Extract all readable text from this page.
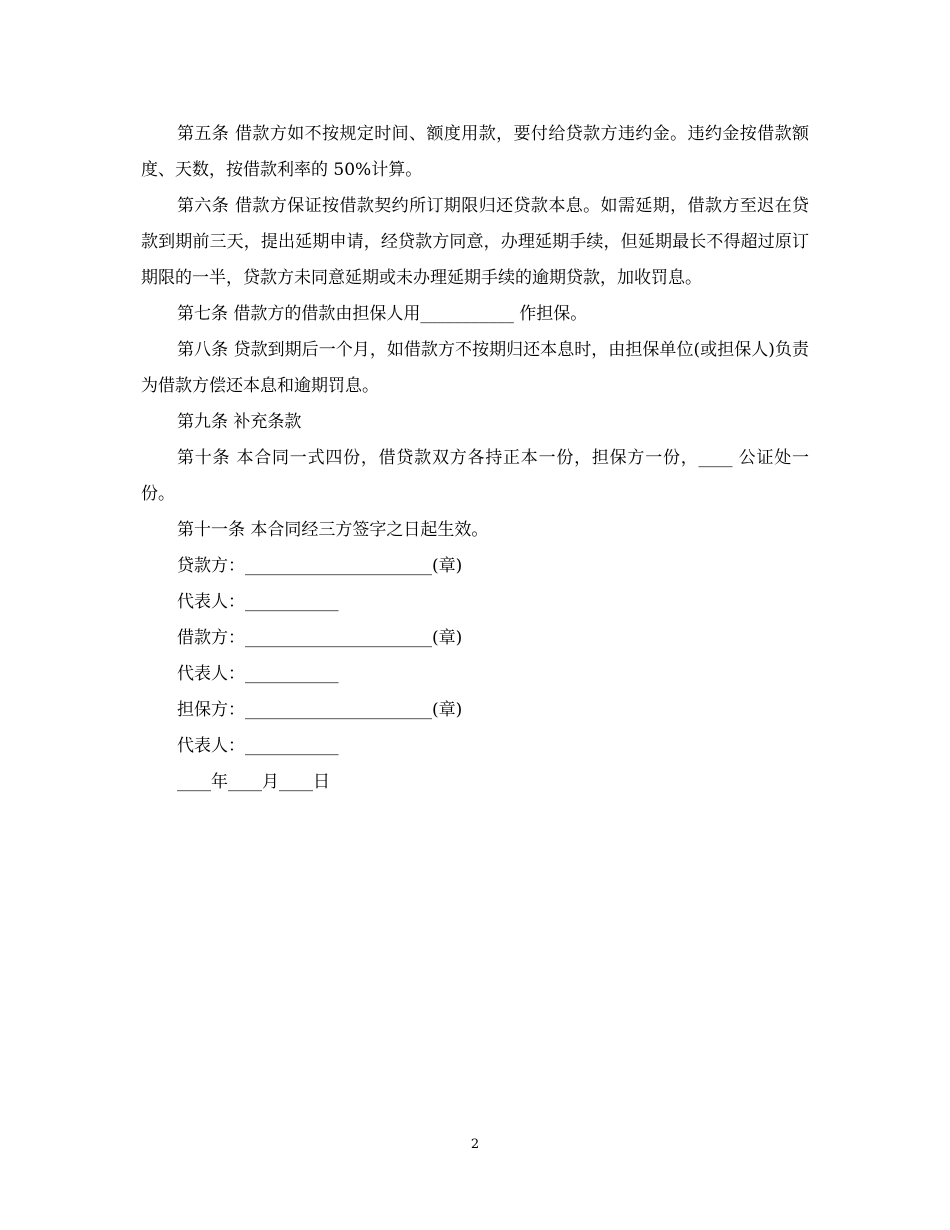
第五条 借款方如不按规定时间、额度用款，要付给贷款方违约金。违约金按借款额度、天数，按借款利率的 50%计算。

第六条 借款方保证按借款契约所订期限归还贷款本息。如需延期，借款方至迟在贷款到期前三天，提出延期申请，经贷款方同意，办理延期手续，但延期最长不得超过原订期限的一半，贷款方未同意延期或未办理延期手续的逾期贷款，加收罚息。

第七条 借款方的借款由担保人用___________ 作担保。

第八条 贷款到期后一个月，如借款方不按期归还本息时，由担保单位(或担保人)负责为借款方偿还本息和逾期罚息。

第九条 补充条款

第十条 本合同一式四份，借贷款双方各持正本一份，担保方一份，____ 公证处一份。

第十一条 本合同经三方签字之日起生效。

贷款方：______________________(章)
代表人：___________
借款方：______________________(章)
代表人：___________
担保方：______________________(章)
代表人：___________
____年____月____日
2
